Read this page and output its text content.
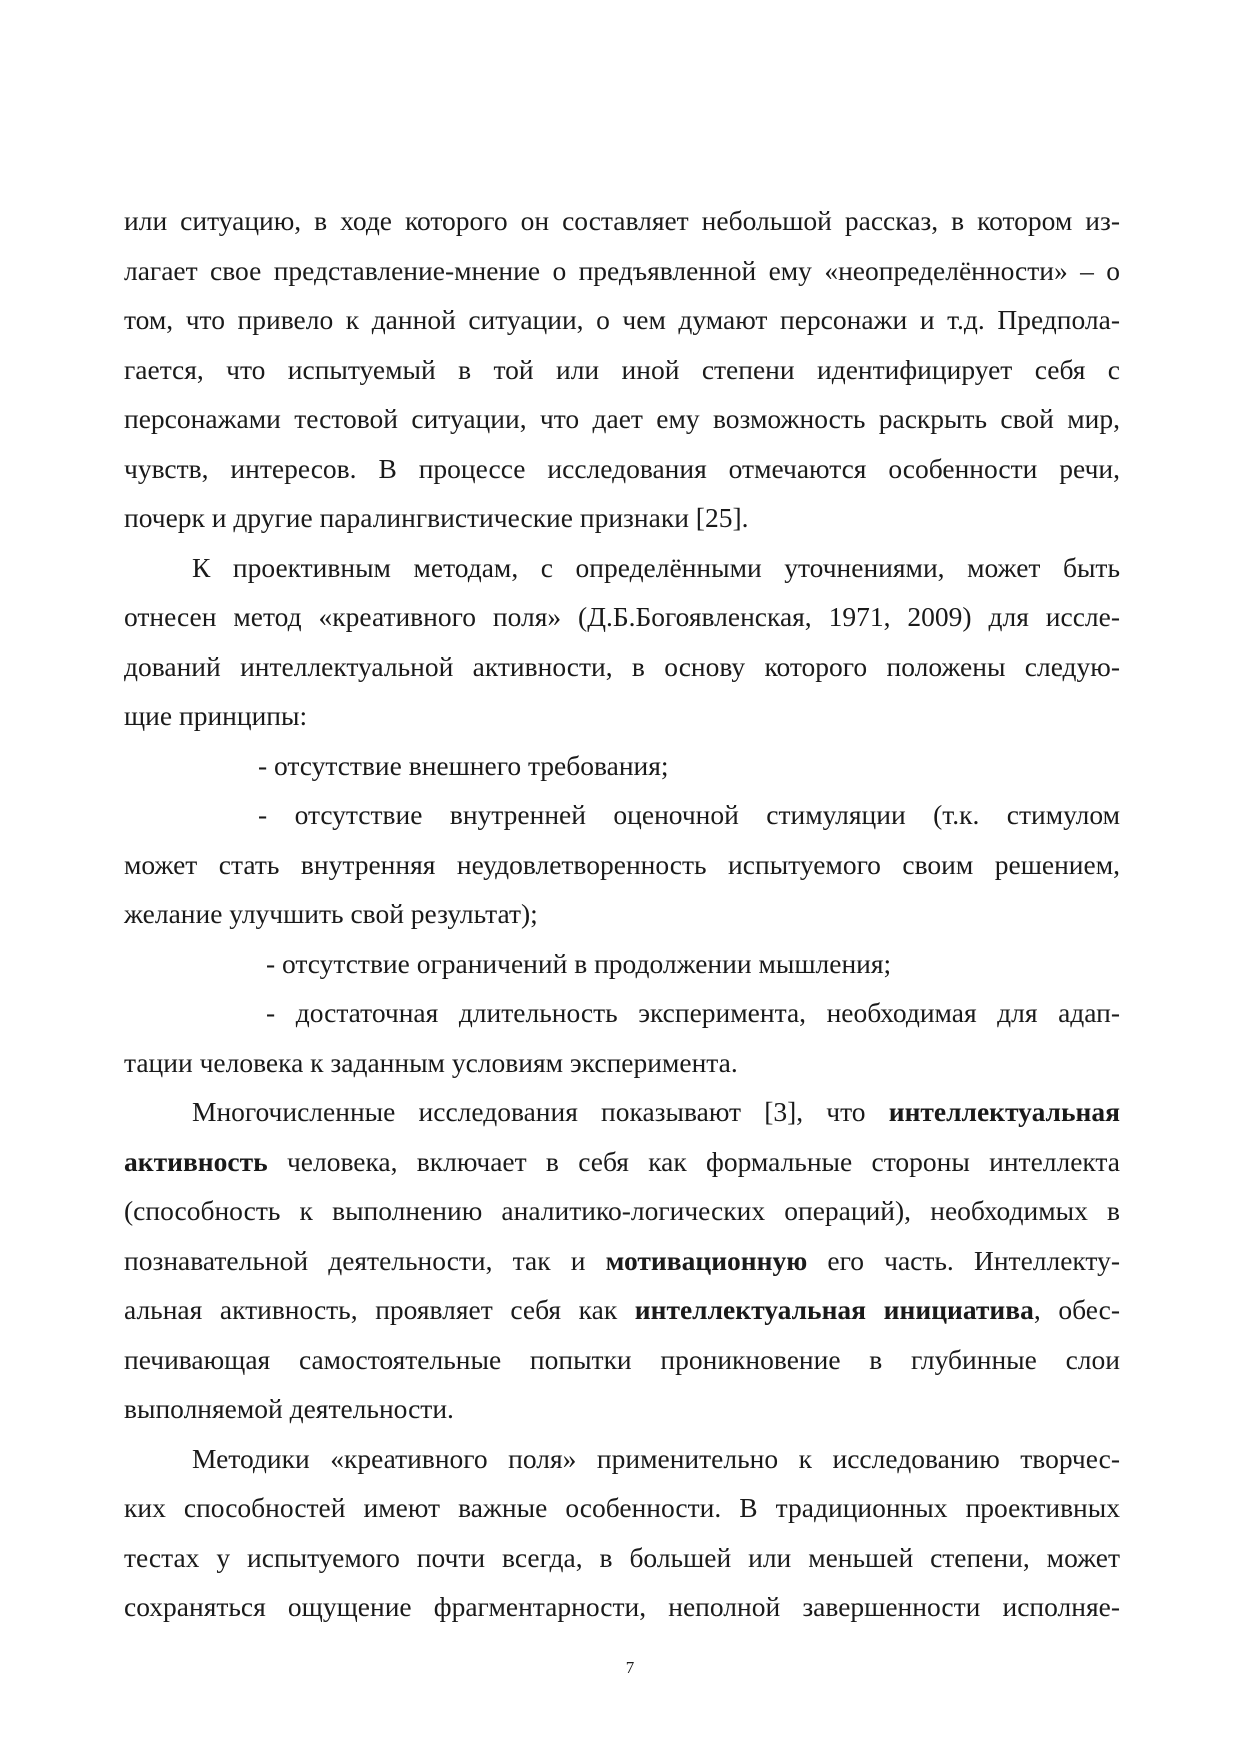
или ситуацию, в ходе которого он составляет небольшой рассказ, в котором из-
лагает свое представление-мнение о предъявленной ему «неопределённости» – о
том, что привело к данной ситуации, о чем думают персонажи и т.д. Предпола-
гается, что испытуемый в той или иной степени идентифицирует себя с
персонажами тестовой ситуации, что дает ему возможность раскрыть свой мир,
чувств, интересов. В процессе исследования отмечаются особенности речи,
почерк и другие паралингвистические признаки [25].
К проективным методам, с определёнными уточнениями, может быть
отнесен метод «креативного поля» (Д.Б.Богоявленская, 1971, 2009) для иссле-
дований интеллектуальной активности, в основу которого положены следую-
щие принципы:
- отсутствие внешнего требования;
- отсутствие внутренней оценочной стимуляции (т.к. стимулом
может стать внутренняя неудовлетворенность испытуемого своим решением,
желание улучшить свой результат);
- отсутствие ограничений в продолжении мышления;
- достаточная длительность эксперимента, необходимая для адап-
тации человека к заданным условиям эксперимента.
Многочисленные исследования показывают [3], что интеллектуальная
активность человека, включает в себя как формальные стороны интеллекта
(способность к выполнению аналитико-логических операций), необходимых в
познавательной деятельности, так и мотивационную его часть. Интеллекту-
альная активность, проявляет себя как интеллектуальная инициатива, обес-
печивающая самостоятельные попытки проникновение в глубинные слои
выполняемой деятельности.
Методики «креативного поля» применительно к исследованию творчес-
ких способностей имеют важные особенности. В традиционных проективных
тестах у испытуемого почти всегда, в большей или меньшей степени, может
сохраняться ощущение фрагментарности, неполной завершенности исполняе-
7
